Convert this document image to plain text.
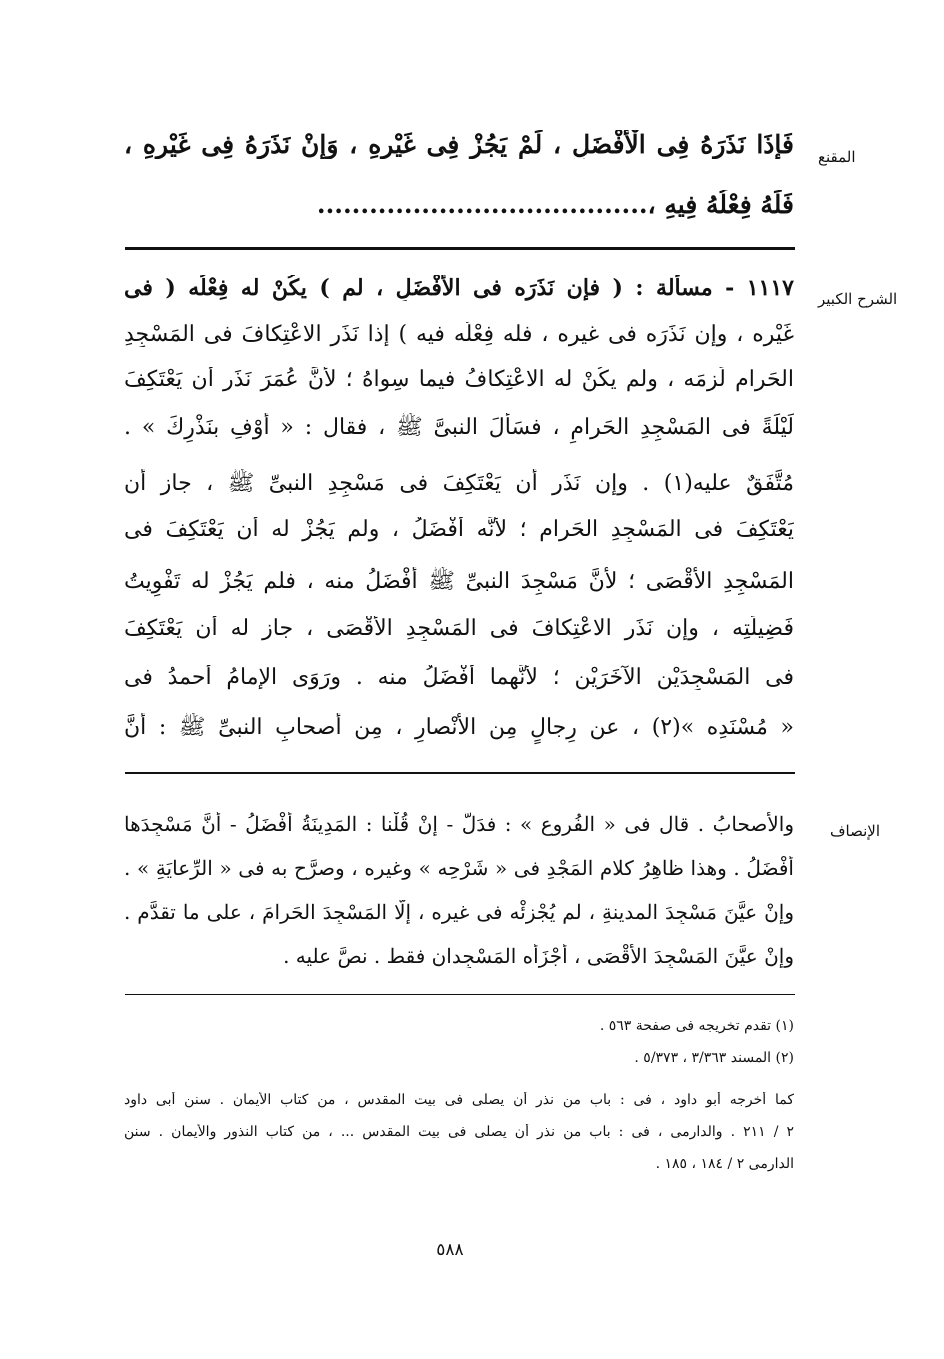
المقنع
الشرح الكبير
الإنصاف
فَإِذَا نَذَرَهُ فِى الْأَفْضَلِ ، لَمْ يَجُزْ فِى غَيْرِهِ ، وَإِنْ نَذَرَهُ فِى غَيْرِهِ ،
فَلَهُ فِعْلُهُ فِيهِ ،......................................
١١١٧ - مسألة : ( فإن نَذَرَه فى الأَفْضَلِ ، لم ) يكُنْ له فِعْلُه ( فى
غَيْرِه ، وإن نَذَرَه فى غيره ، فله فِعْلُه فيه ) إذا نَذَر الاعْتِكافَ فى المَسْجِدِ
الحَرامِ لَزِمَه ، ولم يكُنْ له الاعْتِكافُ فيما سِواهُ ؛ لأنَّ عُمَرَ نَذَر أن يَعْتَكِفَ
لَيْلَةً فى المَسْجِدِ الحَرامِ ، فسَأَلَ النبىَّ ﷺ ، فقال : « أَوْفِ بنَذْرِكَ » .
مُتَّفَقٌ عليه(١) . وإن نَذَر أن يَعْتَكِفَ فى مَسْجِدِ النبىِّ ﷺ ، جاز أن
يَعْتَكِفَ فى المَسْجِدِ الحَرامِ ؛ لأنَّه أَفْضَلُ ، ولم يَجُزْ له أن يَعْتَكِفَ فى
المَسْجِدِ الأقْصَى ؛ لأنَّ مَسْجِدَ النبىِّ ﷺ أفْضَلُ منه ، فلم يَجُزْ له تَفْوِيتُ
فَضِيلَتِه ، وإن نَذَر الاعْتِكافَ فى المَسْجِدِ الأقْصَى ، جاز له أن يَعْتَكِفَ
فى المَسْجِدَيْنِ الآخَرَيْنِ ؛ لأنَّهما أفْضَلُ منه . ورَوَى الإمامُ أحمدُ فى
« مُسْنَدِه »(٢) ، عن رِجالٍ مِن الأنْصارِ ، مِن أصحابِ النبىِّ ﷺ : أنَّ
والأصحابُ . قال فى « الفُروعِ » : فدَلَّ - إنْ قُلْنا : المَدِينَةُ أفْضَلُ - أنَّ مَسْجِدَها
أفْضَلُ . وهذا ظاهِرُ كلامِ المَجْدِ فى « شَرْحِه » وغيرِه ، وصرَّح به فى « الرِّعايَةِ » .
وإنْ عيَّنَ مَسْجِدَ المدينةِ ، لم يُجْزِئْه فى غيرِه ، إلَّا المَسْجِدَ الحَرامَ ، على ما تقدَّم .
وإنْ عيَّنَ المَسْجِدَ الأَقْصَى ، أجْزَأه المَسْجِدان فقط . نصَّ عليه .
(١) تقدم تخريجه فى صفحة ٥٦٣ .
(٢) المسند ٣/٣٦٣ ، ٥/٣٧٣ .
كما أخرجه أبو داود ، فى : باب من نذر أن يصلى فى بيت المقدس ، من كتاب الأيمان . سنن أبى داود
٢ / ٢١١ . والدارمى ، فى : باب من نذر أن يصلى فى بيت المقدس ... ، من كتاب النذور والأيمان . سنن
الدارمى ٢ / ١٨٤ ، ١٨٥ .
٥٨٨
